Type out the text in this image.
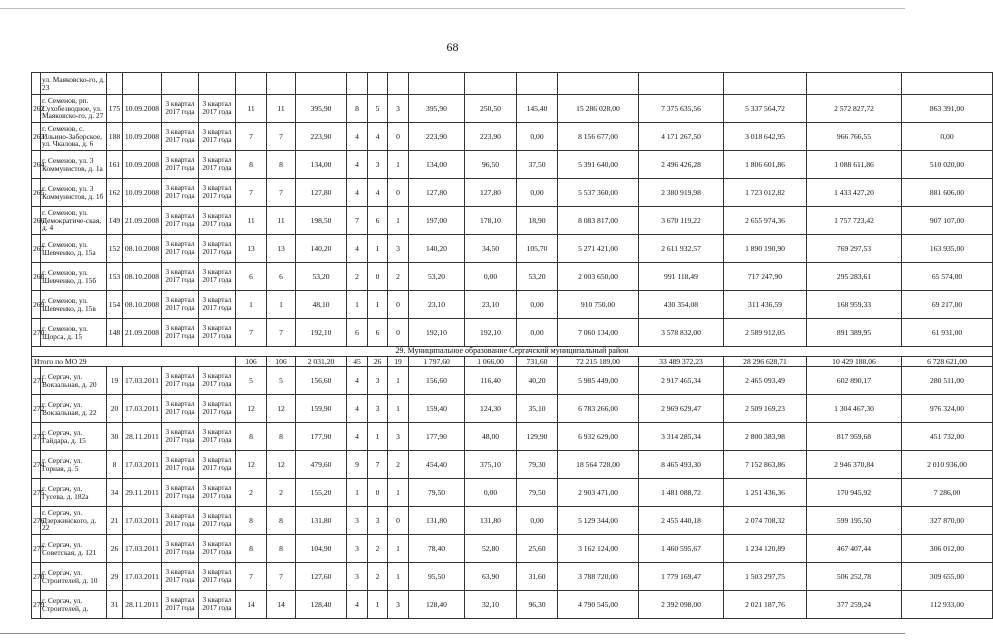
68
	ул. Маяковско-го, д. 23																		
262	г. Семенов, рп. Сухобезводное, ул. Маяковско-го, д. 27	175	10.09.2008	3 квартал 2017 года	3 квартал 2017 года	11	11	395,90	8	5	3	395,90	250,50	145,40	15 286 028,00	7 375 635,56	5 337 564,72	2 572 827,72	863 391,00
263	г. Семенов, с. Ильино-Заборское, ул. Чкалова, д. 6	188	10.09.2008	3 квартал 2017 года	3 квартал 2017 года	7	7	223,90	4	4	0	223,90	223,90	0,00	8 156 677,00	4 171 267,50	3 018 642,95	966 766,55	0,00
264	г. Семенов, ул. 3 Коммунистов, д. 1а	161	10.09.2008	3 квартал 2017 года	3 квартал 2017 года	8	8	134,00	4	3	1	134,00	96,50	37,50	5 391 640,00	2 496 426,28	1 806 601,86	1 088 611,86	510 020,00
265	г. Семенов, ул. 3 Коммунистов, д. 1б	162	10.09.2008	3 квартал 2017 года	3 квартал 2017 года	7	7	127,80	4	4	0	127,80	127,80	0,00	5 537 360,00	2 380 919,98	1 723 012,82	1 433 427,20	881 606,00
266	г. Семенов, ул. Демократиче-ская, д. 4	149	21.09.2008	3 квартал 2017 года	3 квартал 2017 года	11	11	198,50	7	6	1	197,00	178,10	18,90	8 083 817,00	3 670 119,22	2 655 974,36	1 757 723,42	907 107,00
267	г. Семенов, ул. Шевченко, д. 15а	152	08.10.2008	3 квартал 2017 года	3 квартал 2017 года	13	13	140,20	4	1	3	140,20	34,50	105,70	5 271 421,00	2 611 932,57	1 890 190,90	769 297,53	163 935,00
268	г. Семенов, ул. Шевченко, д. 15б	153	08.10.2008	3 квартал 2017 года	3 квартал 2017 года	6	6	53,20	2	0	2	53,20	0,00	53,20	2 003 650,00	991 118,49	717 247,90	295 283,61	65 574,00
269	г. Семенов, ул. Шевченко, д. 15в	154	08.10.2008	3 квартал 2017 года	3 квартал 2017 года	1	1	48,10	1	1	0	23,10	23,10	0,00	910 750,00	430 354,08	311 436,59	168 959,33	69 217,00
270	г. Семенов, ул. Щорса, д. 15	148	21.09.2008	3 квартал 2017 года	3 квартал 2017 года	7	7	192,10	6	6	0	192,10	192,10	0,00	7 060 134,00	3 578 832,00	2 589 912,05	891 389,95	61 931,00
29. Муниципальное образование Сергачский муниципальный район																			
Итого по МО 29						106	106	2 031,20	45	26	19	1 797,60	1 066,00	731,60	72 215 189,00	33 489 372,23	28 296 628,71	10 429 188,06	6 728 621,00
271	г. Сергач, ул. Вокзальная, д. 20	19	17.03.2011	3 квартал 2017 года	3 квартал 2017 года	5	5	156,60	4	3	1	156,60	116,40	40,20	5 985 449,00	2 917 465,34	2 465 093,49	602 890,17	280 511,00
272	г. Сергач, ул. Вокзальная, д. 22	20	17.03.2011	3 квартал 2017 года	3 квартал 2017 года	12	12	159,90	4	3	1	159,40	124,30	35,10	6 783 266,00	2 969 629,47	2 509 169,23	1 304 467,30	976 324,00
273	г. Сергач, ул. Гайдара, д. 15	30	28.11.2011	3 квартал 2017 года	3 квартал 2017 года	8	8	177,90	4	1	3	177,90	48,00	129,90	6 932 629,00	3 314 285,34	2 800 383,98	817 959,68	451 732,00
274	г. Сергач, ул. Горная, д. 5	8	17.03.2011	3 квартал 2017 года	3 квартал 2017 года	12	12	479,60	9	7	2	454,40	375,10	79,30	18 564 728,00	8 465 493,30	7 152 863,86	2 946 370,84	2 010 936,00
275	г. Сергач, ул. Гусева, д. 182а	34	29.11.2011	3 квартал 2017 года	3 квартал 2017 года	2	2	155,20	1	0	1	79,50	0,00	79,50	2 903 471,00	1 481 088,72	1 251 436,36	170 945,92	7 286,00
276	г. Сергач, ул. Дзержинского, д. 22	21	17.03.2011	3 квартал 2017 года	3 квартал 2017 года	8	8	131,80	3	3	0	131,80	131,80	0,00	5 129 344,00	2 455 440,18	2 074 708,32	599 195,50	327 870,00
277	г. Сергач, ул. Советская, д. 121	26	17.03.2011	3 квартал 2017 года	3 квартал 2017 года	8	8	104,90	3	2	1	78,40	52,80	25,60	3 162 124,00	1 460 595,67	1 234 120,89	467 407,44	306 012,00
278	г. Сергач, ул. Строителей, д. 10	29	17.03.2011	3 квартал 2017 года	3 квартал 2017 года	7	7	127,60	3	2	1	95,50	63,90	31,60	3 788 720,00	1 779 169,47	1 503 297,75	506 252,78	309 655,00
279	г. Сергач, ул. Строителей, д.	31	28.11.2011	3 квартал 2017 года	3 квартал 2017 года	14	14	128,40	4	1	3	128,40	32,10	96,30	4 790 545,00	2 392 098,00	2 021 187,76	377 259,24	112 933,00
